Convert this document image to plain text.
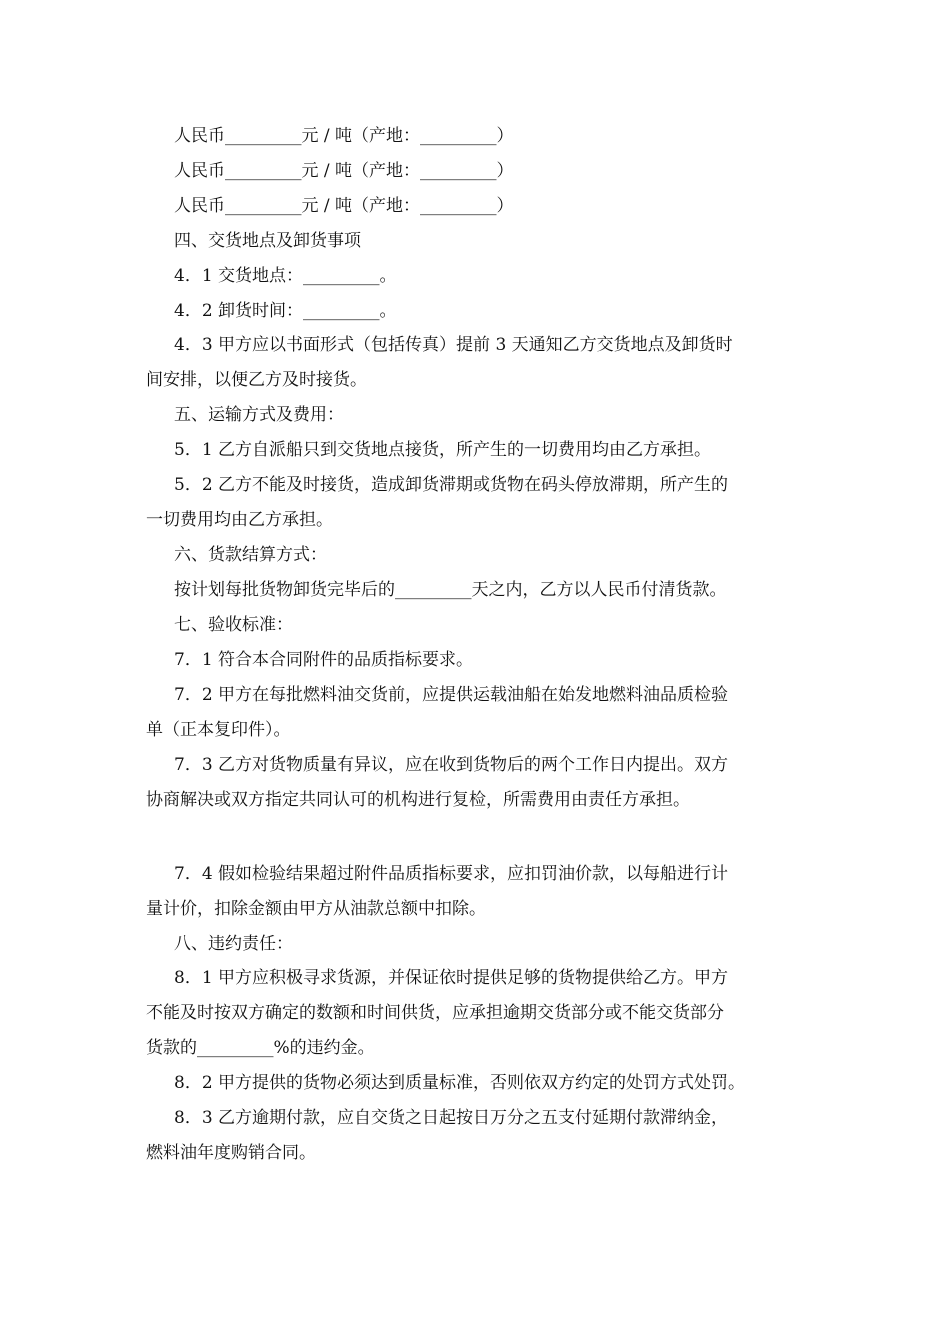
人民币_________元 / 吨（产地：_________）

人民币_________元 / 吨（产地：_________）

人民币_________元 / 吨（产地：_________）

四、交货地点及卸货事项

4．1 交货地点：_________。

4．2 卸货时间：_________。

4．3 甲方应以书面形式（包括传真）提前 3 天通知乙方交货地点及卸货时

间安排，以便乙方及时接货。

五、运输方式及费用：

5．1 乙方自派船只到交货地点接货，所产生的一切费用均由乙方承担。

5．2 乙方不能及时接货，造成卸货滞期或货物在码头停放滞期，所产生的

一切费用均由乙方承担。

六、货款结算方式：

按计划每批货物卸货完毕后的_________天之内，乙方以人民币付清货款。

七、验收标准：

7．1 符合本合同附件的品质指标要求。

7．2 甲方在每批燃料油交货前，应提供运载油船在始发地燃料油品质检验

单（正本复印件）。

7．3 乙方对货物质量有异议，应在收到货物后的两个工作日内提出。双方

协商解决或双方指定共同认可的机构进行复检，所需费用由责任方承担。

7．4 假如检验结果超过附件品质指标要求，应扣罚油价款，以每船进行计

量计价，扣除金额由甲方从油款总额中扣除。

八、违约责任：

8．1 甲方应积极寻求货源，并保证依时提供足够的货物提供给乙方。甲方

不能及时按双方确定的数额和时间供货，应承担逾期交货部分或不能交货部分

货款的_________%的违约金。

8．2 甲方提供的货物必须达到质量标准，否则依双方约定的处罚方式处罚。

8．3 乙方逾期付款，应自交货之日起按日万分之五支付延期付款滞纳金，

燃料油年度购销合同。
